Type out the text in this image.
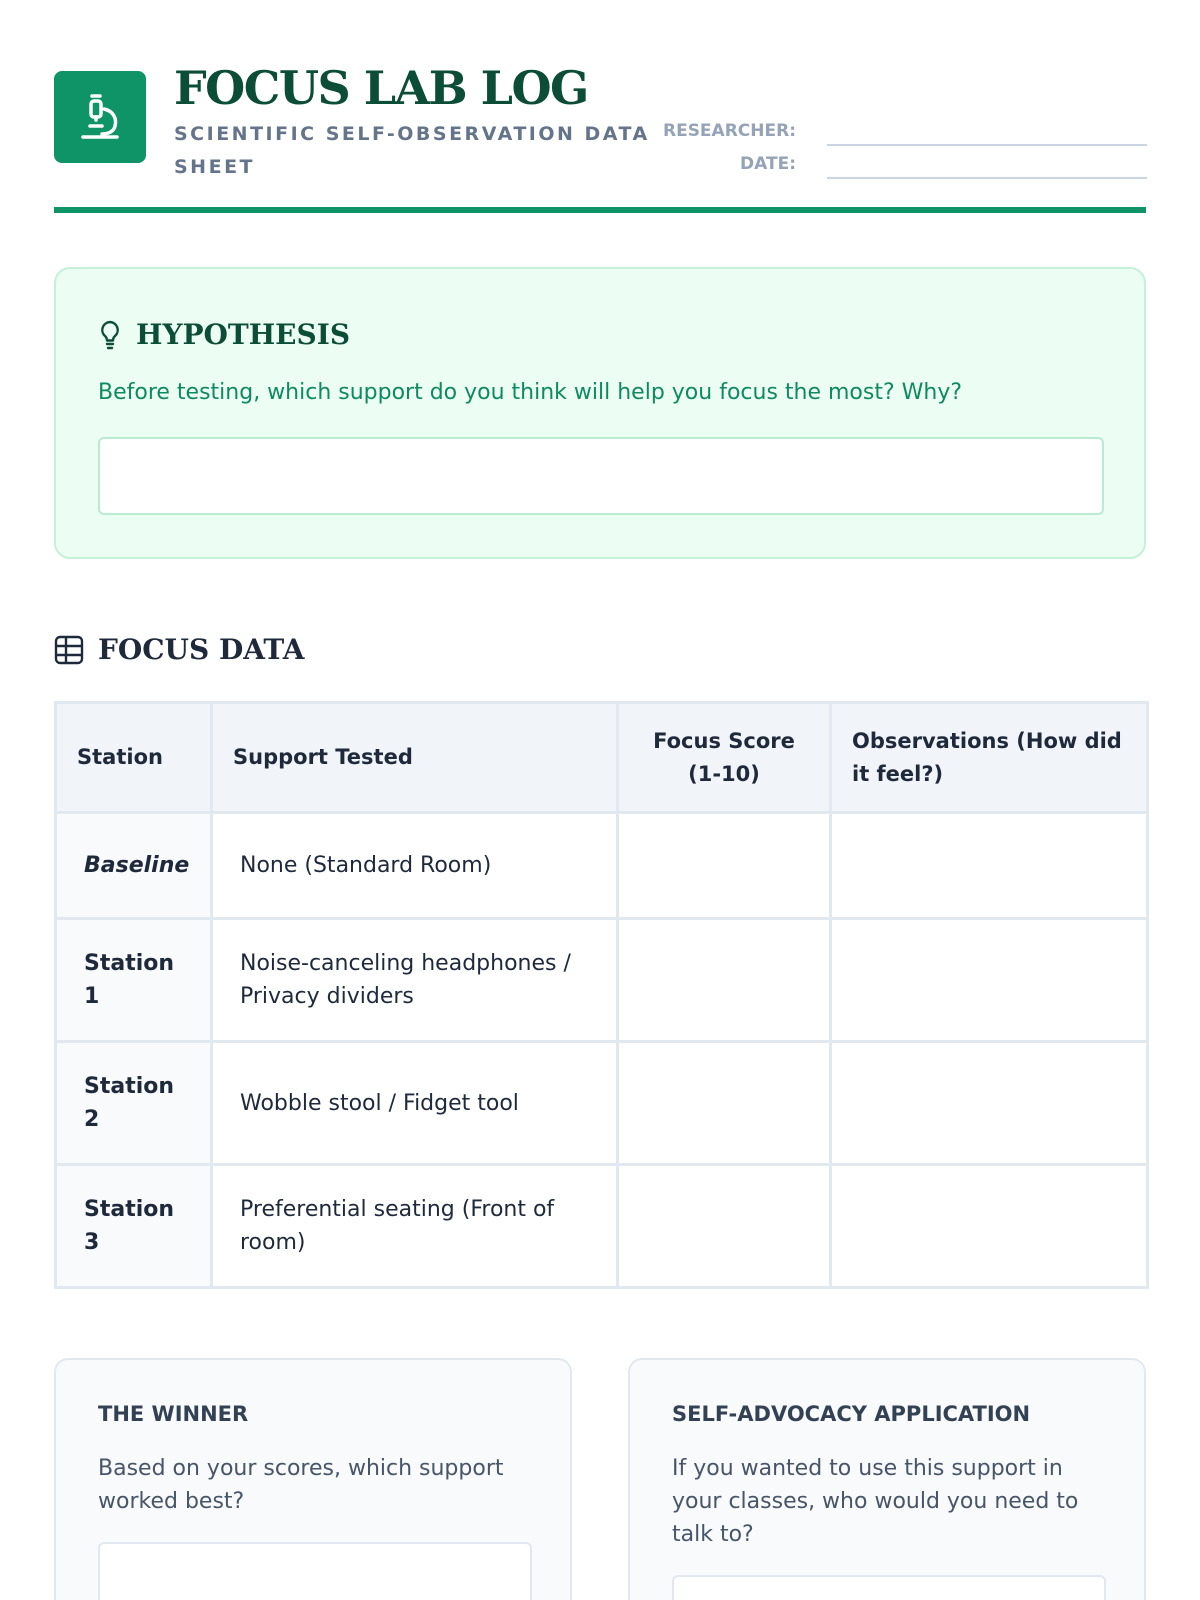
FOCUS LAB LOG
SCIENTIFIC SELF-OBSERVATION DATA SHEET
RESEARCHER:
DATE:
HYPOTHESIS
Before testing, which support do you think will help you focus the most? Why?
FOCUS DATA
Station	Support Tested	Focus Score (1-10)	Observations (How did it feel?)
Baseline	None (Standard Room)		
Station 1	Noise-canceling headphones / Privacy dividers		
Station 2	Wobble stool / Fidget tool		
Station 3	Preferential seating (Front of room)		
THE WINNER
Based on your scores, which support worked best?
SELF-ADVOCACY APPLICATION
If you wanted to use this support in your classes, who would you need to talk to?
